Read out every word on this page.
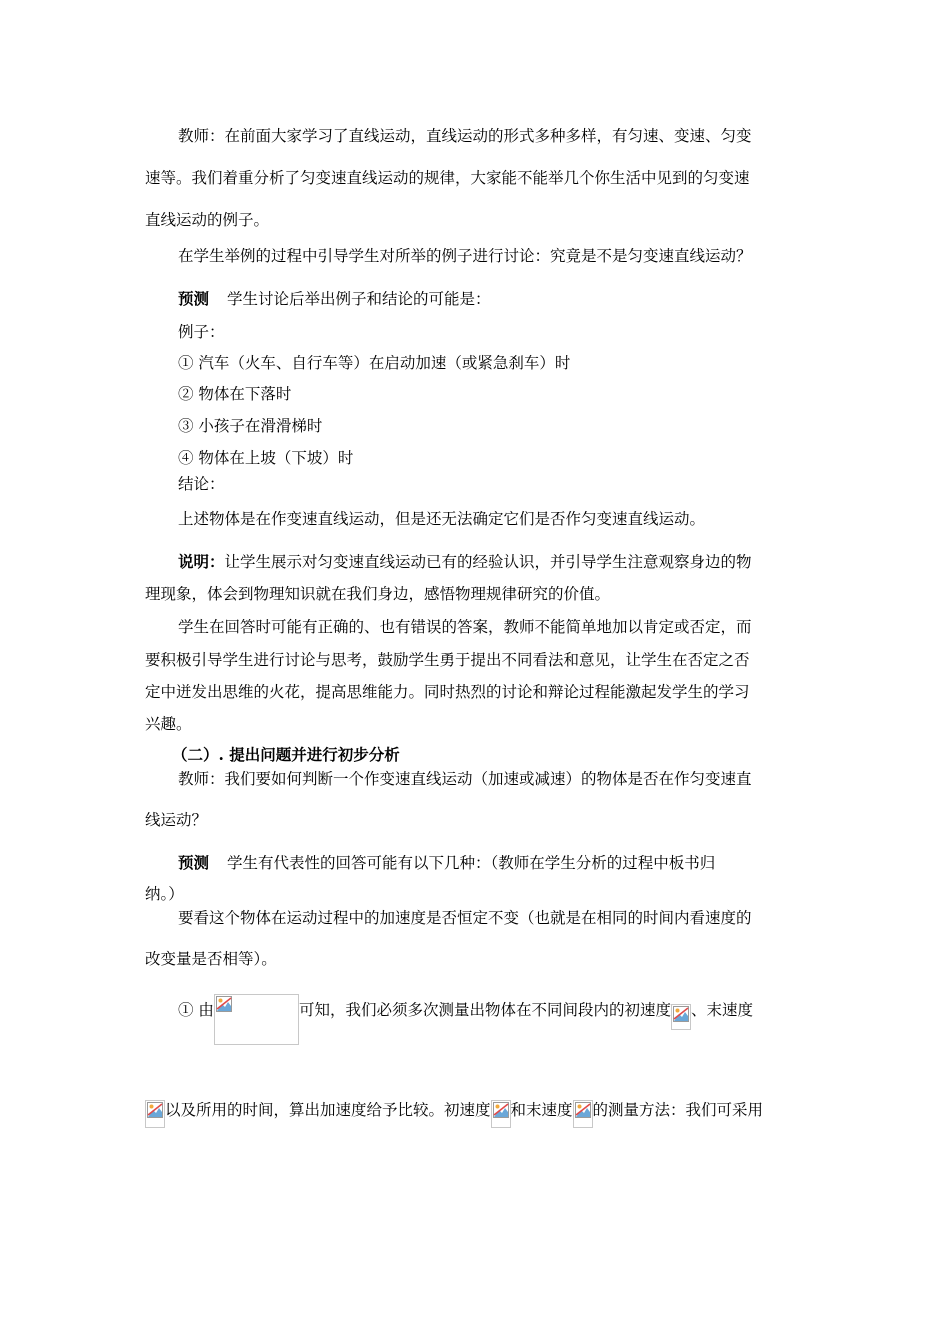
教师：在前面大家学习了直线运动，直线运动的形式多种多样，有匀速、变速、匀变
速等。我们着重分析了匀变速直线运动的规律，大家能不能举几个你生活中见到的匀变速
直线运动的例子。
在学生举例的过程中引导学生对所举的例子进行讨论：究竟是不是匀变速直线运动？
预测 学生讨论后举出例子和结论的可能是：
例子：
① 汽车（火车、自行车等）在启动加速（或紧急刹车）时
② 物体在下落时
③ 小孩子在滑滑梯时
④ 物体在上坡（下坡）时
结论：
上述物体是在作变速直线运动，但是还无法确定它们是否作匀变速直线运动。
说明：让学生展示对匀变速直线运动已有的经验认识，并引导学生注意观察身边的物
理现象，体会到物理知识就在我们身边，感悟物理规律研究的价值。
学生在回答时可能有正确的、也有错误的答案，教师不能简单地加以肯定或否定，而
要积极引导学生进行讨论与思考，鼓励学生勇于提出不同看法和意见，让学生在否定之否
定中迸发出思维的火花，提高思维能力。同时热烈的讨论和辩论过程能激起发学生的学习
兴趣。
（二）. 提出问题并进行初步分析
教师：我们要如何判断一个作变速直线运动（加速或减速）的物体是否在作匀变速直
线运动？
预测 学生有代表性的回答可能有以下几种：（教师在学生分析的过程中板书归
纳。）
要看这个物体在运动过程中的加速度是否恒定不变（也就是在相同的时间内看速度的
改变量是否相等）。
① 由	可知，我们必须多次测量出物体在不同间段内的初速度 、末速度
以及所用的时间，算出加速度给予比较。初速度 和末速度 的测量方法：我们可采用
